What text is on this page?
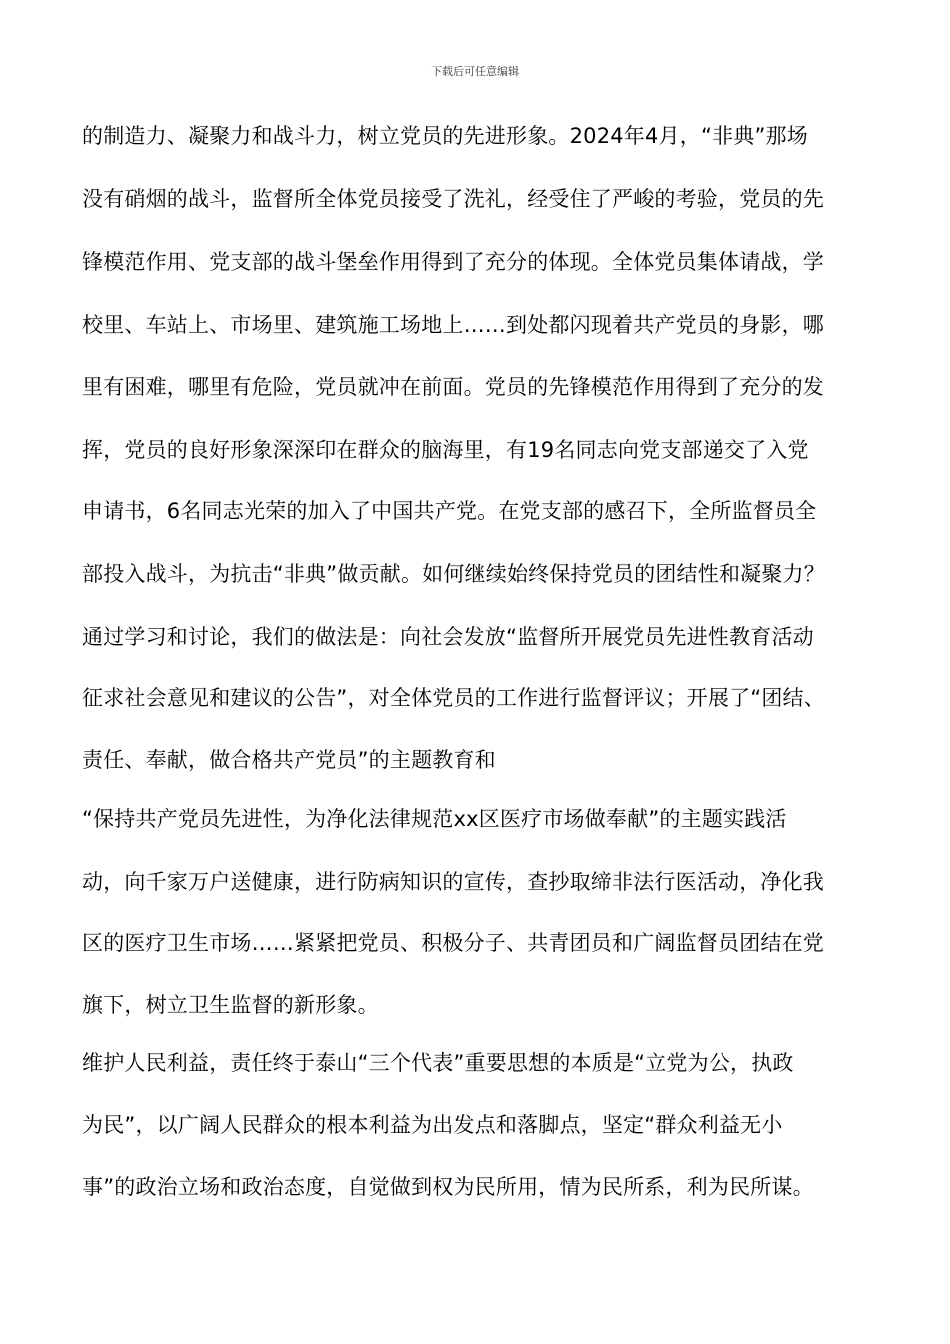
下载后可任意编辑
的制造力、凝聚力和战斗力，树立党员的先进形象。2024年4月，“非典”那场
没有硝烟的战斗，监督所全体党员接受了洗礼，经受住了严峻的考验，党员的先
锋模范作用、党支部的战斗堡垒作用得到了充分的体现。全体党员集体请战，学
校里、车站上、市场里、建筑施工场地上……到处都闪现着共产党员的身影，哪
里有困难，哪里有危险，党员就冲在前面。党员的先锋模范作用得到了充分的发
挥，党员的良好形象深深印在群众的脑海里，有19名同志向党支部递交了入党
申请书，6名同志光荣的加入了中国共产党。在党支部的感召下，全所监督员全
部投入战斗，为抗击“非典”做贡献。如何继续始终保持党员的团结性和凝聚力？
通过学习和讨论，我们的做法是：向社会发放“监督所开展党员先进性教育活动
征求社会意见和建议的公告”，对全体党员的工作进行监督评议；开展了“团结、
责任、奉献，做合格共产党员”的主题教育和
“保持共产党员先进性，为净化法律规范xx区医疗市场做奉献”的主题实践活
动，向千家万户送健康，进行防病知识的宣传，查抄取缔非法行医活动，净化我
区的医疗卫生市场……紧紧把党员、积极分子、共青团员和广阔监督员团结在党
旗下，树立卫生监督的新形象。
维护人民利益，责任终于泰山“三个代表”重要思想的本质是“立党为公，执政
为民”，以广阔人民群众的根本利益为出发点和落脚点，坚定“群众利益无小
事”的政治立场和政治态度，自觉做到权为民所用，情为民所系，利为民所谋。
